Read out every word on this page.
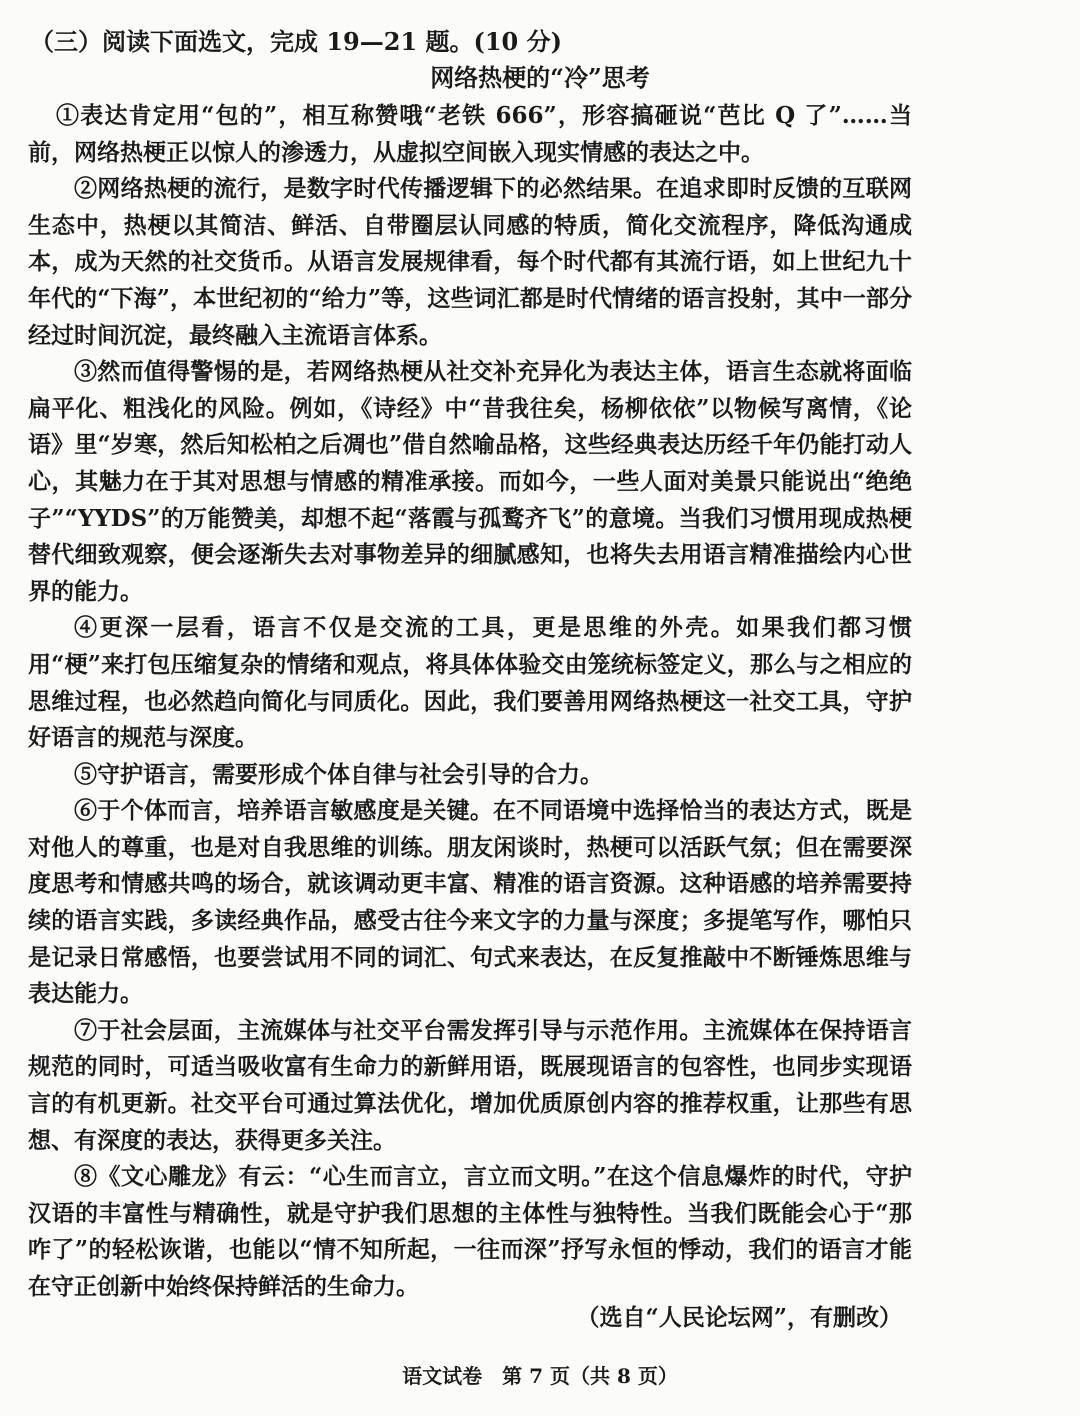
（三）阅读下面选文，完成 19—21 题。(10 分)
网络热梗的“冷”思考

①表达肯定用“包的”，相互称赞哦“老铁 666”，形容搞砸说“芭比 Q 了”……当前，网络热梗正以惊人的渗透力，从虚拟空间嵌入现实情感的表达之中。

②网络热梗的流行，是数字时代传播逻辑下的必然结果。在追求即时反馈的互联网生态中，热梗以其简洁、鲜活、自带圈层认同感的特质，简化交流程序，降低沟通成本，成为天然的社交货币。从语言发展规律看，每个时代都有其流行语，如上世纪九十年代的“下海”，本世纪初的“给力”等，这些词汇都是时代情绪的语言投射，其中一部分经过时间沉淀，最终融入主流语言体系。

③然而值得警惕的是，若网络热梗从社交补充异化为表达主体，语言生态就将面临扁平化、粗浅化的风险。例如，《诗经》中“昔我往矣，杨柳依依”以物候写离情，《论语》里“岁寒，然后知松柏之后凋也”借自然喻品格，这些经典表达历经千年仍能打动人心，其魅力在于其对思想与情感的精准承接。而如今，一些人面对美景只能说出“绝绝子”“YYDS”的万能赞美，却想不起“落霞与孤鹜齐飞”的意境。当我们习惯用现成热梗替代细致观察，便会逐渐失去对事物差异的细腻感知，也将失去用语言精准描绘内心世界的能力。

④更深一层看，语言不仅是交流的工具，更是思维的外壳。如果我们都习惯用“梗”来打包压缩复杂的情绪和观点，将具体体验交由笼统标签定义，那么与之相应的思维过程，也必然趋向简化与同质化。因此，我们要善用网络热梗这一社交工具，守护好语言的规范与深度。

⑤守护语言，需要形成个体自律与社会引导的合力。

⑥于个体而言，培养语言敏感度是关键。在不同语境中选择恰当的表达方式，既是对他人的尊重，也是对自我思维的训练。朋友闲谈时，热梗可以活跃气氛；但在需要深度思考和情感共鸣的场合，就该调动更丰富、精准的语言资源。这种语感的培养需要持续的语言实践，多读经典作品，感受古往今来文字的力量与深度；多提笔写作，哪怕只是记录日常感悟，也要尝试用不同的词汇、句式来表达，在反复推敲中不断锤炼思维与表达能力。

⑦于社会层面，主流媒体与社交平台需发挥引导与示范作用。主流媒体在保持语言规范的同时，可适当吸收富有生命力的新鲜用语，既展现语言的包容性，也同步实现语言的有机更新。社交平台可通过算法优化，增加优质原创内容的推荐权重，让那些有思想、有深度的表达，获得更多关注。

⑧《文心雕龙》有云：“心生而言立，言立而文明。”在这个信息爆炸的时代，守护汉语的丰富性与精确性，就是守护我们思想的主体性与独特性。当我们既能会心于“那咋了”的轻松诙谐，也能以“情不知所起，一往而深”抒写永恒的悸动，我们的语言才能在守正创新中始终保持鲜活的生命力。

（选自“人民论坛网”，有删改）
语文试卷　第 7 页（共 8 页）
